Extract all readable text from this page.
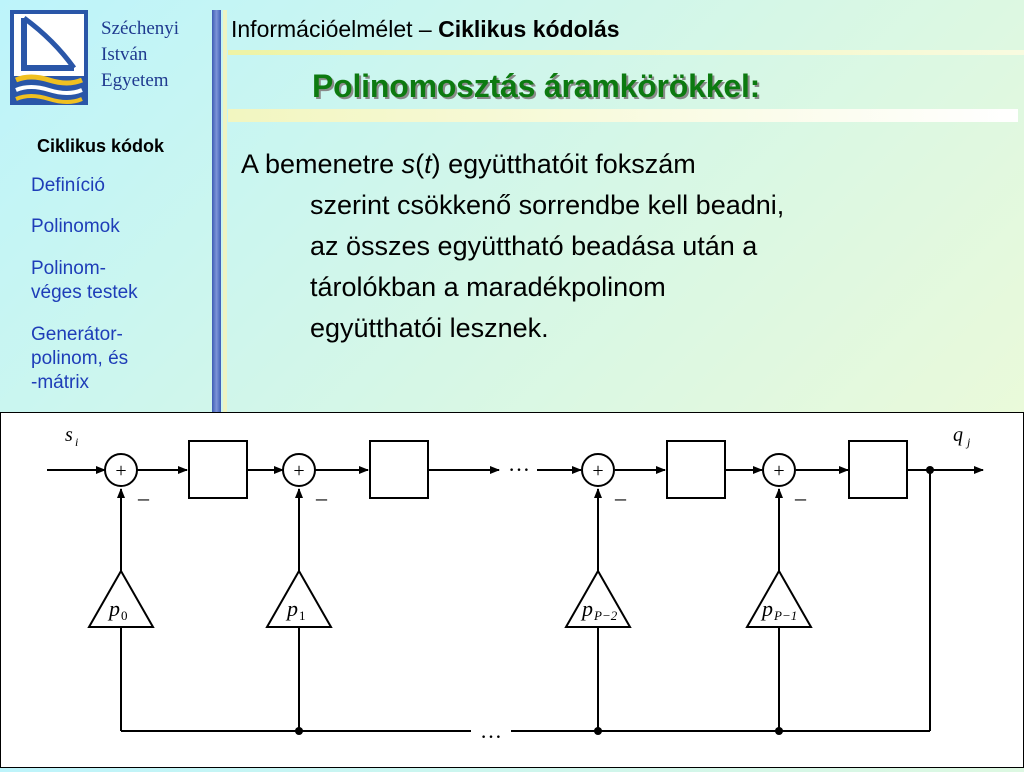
Széchenyi
István
Egyetem
Információelmélet – Ciklikus kódolás
Polinomosztás áramkörökkel:
Ciklikus kódok
Definíció
Polinomok
Polinom-
véges testek
Generátor-
polinom, és
-mátrix
A bemenetre s(t) együtthatóit fokszám
szerint csökkenő sorrendbe kell beadni,
az összes együttható beadása után a
tárolókban a maradékpolinom
együtthatói lesznek.
+	+	+	+
–	–	–	–
…
…
s i	q j
p 0	p 1	p P−2	p P−1
